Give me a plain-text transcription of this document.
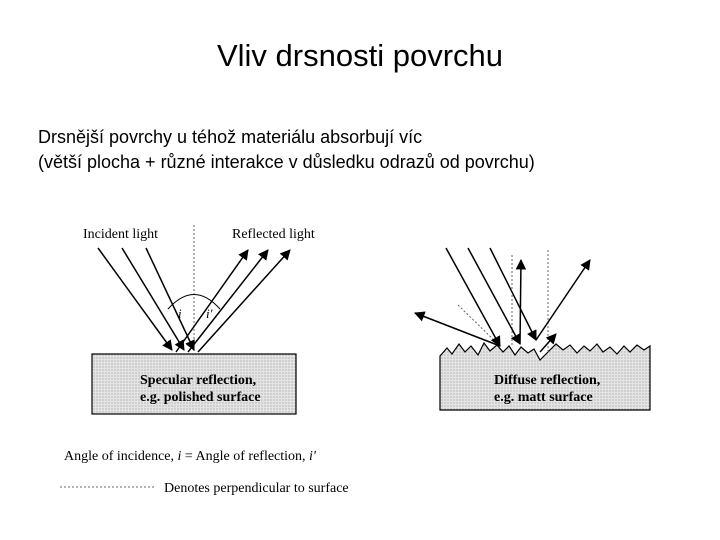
Vliv drsnosti povrchu
Drsnější povrchy u téhož materiálu absorbují víc
(větší plocha + různé interakce v důsledku odrazů od povrchu)
Incident light	Reflected light
i i'
Specular reflection,
e.g. polished surface
Diffuse reflection,
e.g. matt surface
Angle of incidence, i = Angle of reflection, i'
Denotes perpendicular to surface
